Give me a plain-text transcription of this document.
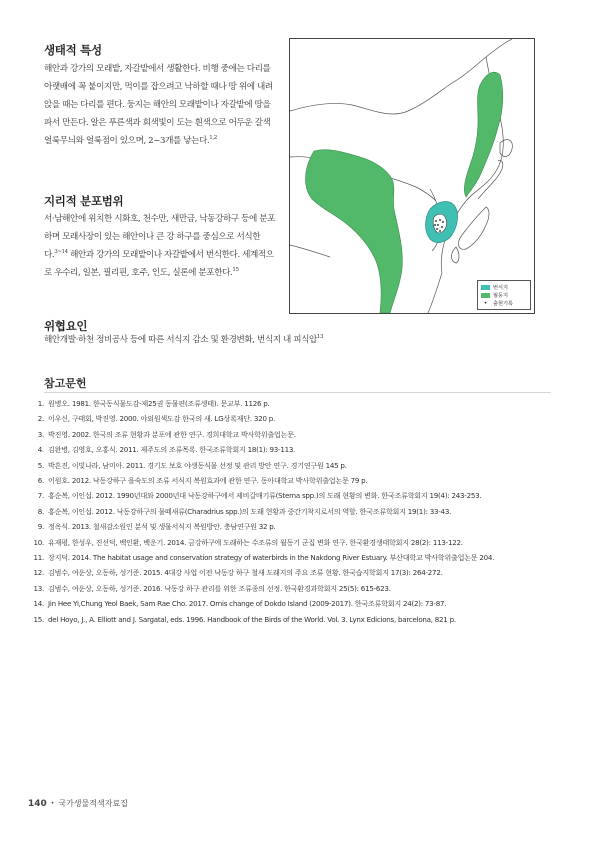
생태적 특성
해안과 강가의 모래밭, 자갈밭에서 생활한다. 비행 중에는 다리를 아랫배에 꼭 붙이지만, 먹이를 잡으려고 낙하할 때나 땅 위에 내려앉을 때는 다리를 편다. 둥지는 해안의 모래밭이나 자갈밭에 땅을 파서 만든다. 알은 푸른색과 회색빛이 도는 흰색으로 어두운 갈색 얼룩무늬와 얼룩점이 있으며, 2~3개를 낳는다.$^{1,2}$
지리적 분포범위
서·남해안에 위치한 시화호, 천수만, 새만금, 낙동강하구 등에 분포하며 모래사장이 있는 해안이나 큰 강 하구를 중심으로 서식한다.$^{3\sim 14}$ 해안과 강가의 모래밭이나 자갈밭에서 번식한다. 세계적으로 우수리, 일본, 필리핀, 호주, 인도, 실론에 분포한다.$^{15}$
위협요인
해안개발·하천 정비공사 등에 따른 서식지 감소 및 환경변화, 번식지 내 피식압$^{13}$
번식지
월동지
•	출현기록
참고문헌
1. 원병오. 1981. 한국동식물도감-제25권 동물편(조류생태). 문교부. 1126 p.
2. 이우신, 구태회, 박진영. 2000. 야외원색도감 한국의 새. LG상록재단. 320 p.
3. 박진영. 2002. 한국의 조류 현황과 분포에 관한 연구. 경희대학교 박사학위출업논문.
4. 김완병, 김영호, 오홍식. 2011. 제주도의 조류목록. 한국조류학회지 18(1): 93-113.
5. 박흔진, 이빛나라, 남미아. 2011. 경기도 보호 야생동식물 선정 및 관리 방안 연구. 경기연구원 145 p.
6. 이원호. 2012. 낙동강하구 을숙도의 조류 서식지 복원효과에 관한 연구. 동아대학교 박사학위출업논문 79 p.
7. 홍순복, 이인섭. 2012. 1990년대와 2000년대 낙동강하구에서 제비갈매기류(Sterna spp.)의 도래 현황의 변화. 한국조류학회지 19(4): 243-253.
8. 홍순복, 이인섭. 2012. 낙동강하구의 물떼새류(Charadrius spp.)의 도래 현황과 중간기착지로서의 역할. 한국조류학회지 19(1): 33-43.
9. 정옥식. 2013. 철새감소원인 분석 및 생물서식지 복원방안. 충남연구원 32 p.
10. 유재평, 한성우, 진선덕, 백인환, 백운기. 2014. 금강하구에 도래하는 수조류의 월동기 군집 변화 연구. 한국환경생태학회지 28(2): 113-122.
11. 장지덕. 2014. The habitat usage and conservation strategy of waterbirds in the Nakdong River Estuary. 부산대학교 박사학위출업논문 204.
12. 김범수, 여운상, 오동하, 성기준. 2015. 4대강 사업 이전 낙동강 하구 철새 도래지의 주요 조류 현황. 한국습지학회지 17(3): 264-272.
13. 김범수, 여운상, 오동하, 성기준. 2016. 낙동강 하구 관리를 위한 조류종의 선정. 한국환경과학회지 25(5): 615-623.
14. Jin Hee Yi,Chung Yeol Baek, Sam Rae Cho. 2017. Ornis change of Dokdo Island (2009-2017). 한국조류학회지 24(2): 73-87.
15. del Hoyo, J., A. Elliott and J. Sargatal, eds. 1996. Handbook of the Birds of the World. Vol. 3. Lynx Edicions, barcelona, 821 p.
140 • 국가생물적색자료집
